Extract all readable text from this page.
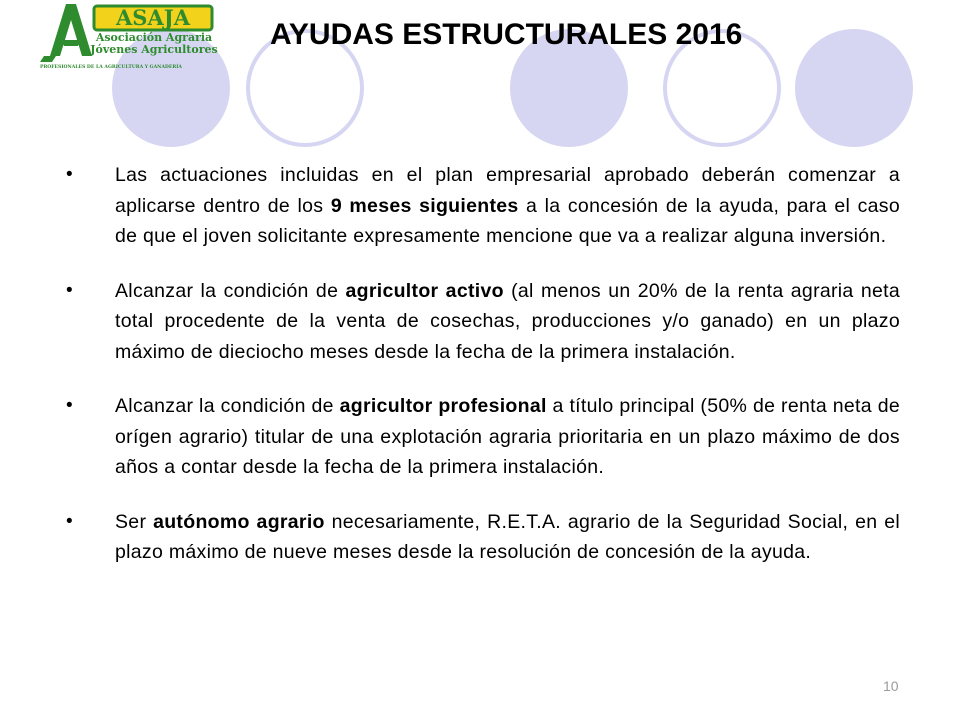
ASAJA
Asociación Agraria
Jóvenes Agricultores
PROFESIONALES DE LA AGRICULTURA Y GANADERÍA
AYUDAS ESTRUCTURALES 2016
• Las actuaciones incluidas en el plan empresarial aprobado deberán comenzar a aplicarse dentro de los 9 meses siguientes a la concesión de la ayuda, para el caso de que el joven solicitante expresamente mencione que va a realizar alguna inversión.
• Alcanzar la condición de agricultor activo (al menos un 20% de la renta agraria neta total procedente de la venta de cosechas, producciones y/o ganado) en un plazo máximo de dieciocho meses desde la fecha de la primera instalación.
• Alcanzar la condición de agricultor profesional a título principal (50% de renta neta de orígen agrario) titular de una explotación agraria prioritaria en un plazo máximo de dos años a contar desde la fecha de la primera instalación.
• Ser autónomo agrario necesariamente, R.E.T.A. agrario de la Seguridad Social, en el plazo máximo de nueve meses desde la resolución de concesión de la ayuda.
10
